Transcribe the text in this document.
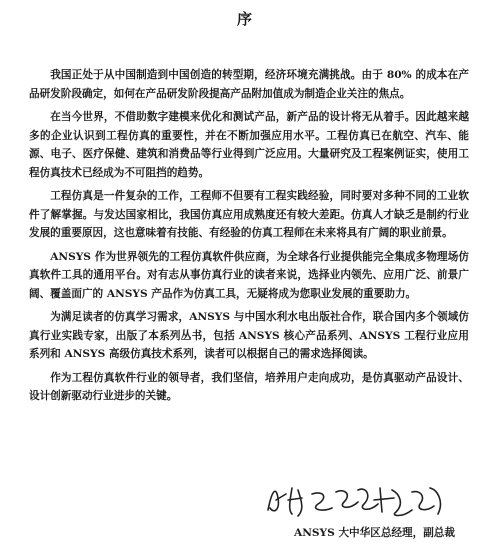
序

我国正处于从中国制造到中国创造的转型期，经济环境充满挑战。由于 80% 的成本在产品研发阶段确定，如何在产品研发阶段提高产品附加值成为制造企业关注的焦点。

在当今世界，不借助数字建模来优化和测试产品，新产品的设计将无从着手。因此越来越多的企业认识到工程仿真的重要性，并在不断加强应用水平。工程仿真已在航空、汽车、能源、电子、医疗保健、建筑和消费品等行业得到广泛应用。大量研究及工程案例证实，使用工程仿真技术已经成为不可阻挡的趋势。

工程仿真是一件复杂的工作，工程师不但要有工程实践经验，同时要对多种不同的工业软件了解掌握。与发达国家相比，我国仿真应用成熟度还有较大差距。仿真人才缺乏是制约行业发展的重要原因，这也意味着有技能、有经验的仿真工程师在未来将具有广阔的职业前景。

ANSYS 作为世界领先的工程仿真软件供应商，为全球各行业提供能完全集成多物理场仿真软件工具的通用平台。对有志从事仿真行业的读者来说，选择业内领先、应用广泛、前景广阔、覆盖面广的 ANSYS 产品作为仿真工具，无疑将成为您职业发展的重要助力。

为满足读者的仿真学习需求，ANSYS 与中国水利水电出版社合作，联合国内多个领域仿真行业实践专家，出版了本系列丛书，包括 ANSYS 核心产品系列、ANSYS 工程行业应用系列和 ANSYS 高级仿真技术系列，读者可以根据自己的需求选择阅读。

作为工程仿真软件行业的领导者，我们坚信，培养用户走向成功，是仿真驱动产品设计、设计创新驱动行业进步的关键。

ANSYS 大中华区总经理，副总裁
